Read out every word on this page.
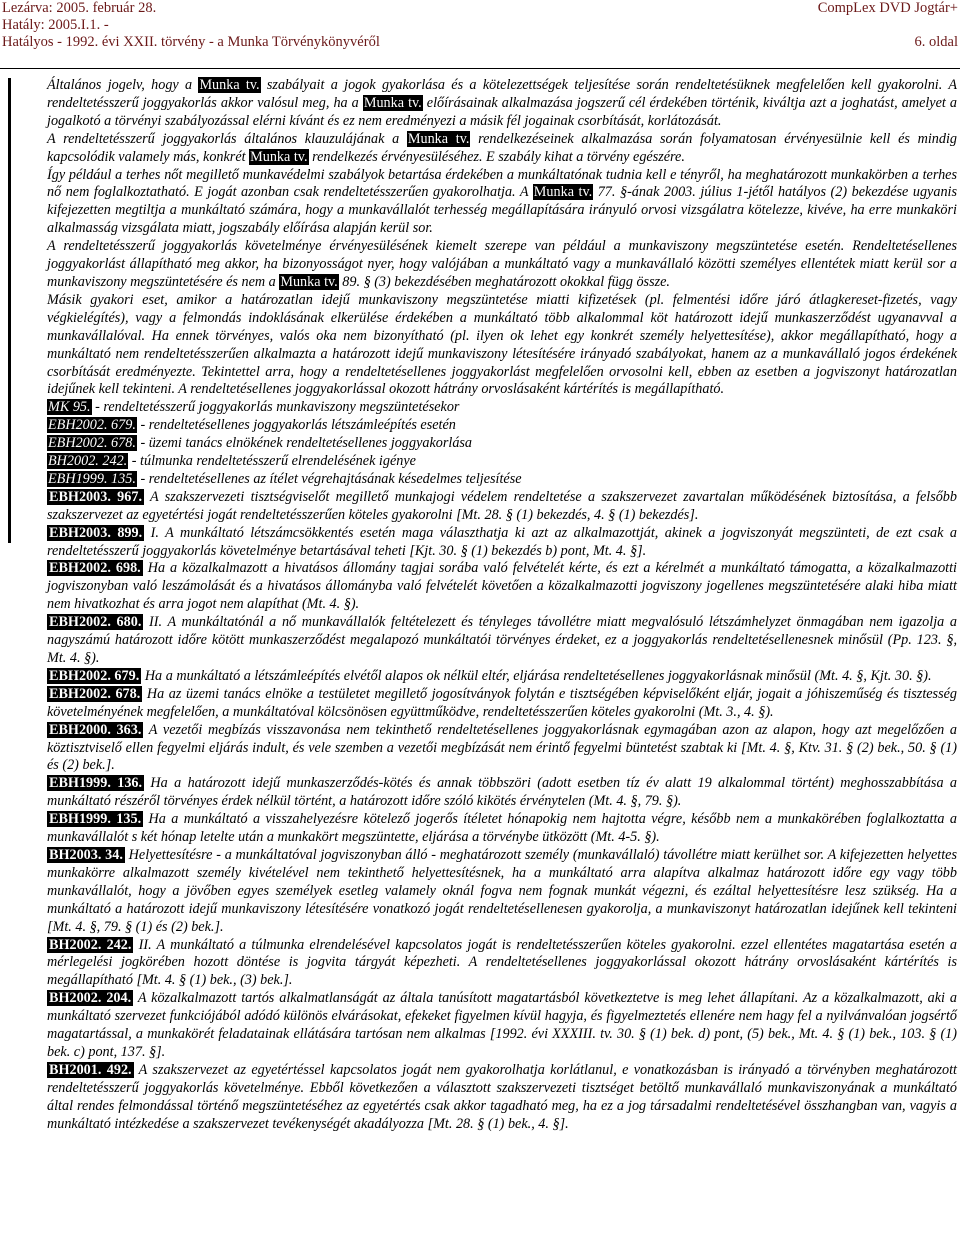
Lezárva: 2005. február 28.	CompLex DVD Jogtár+
Hatály: 2005.I.1. -
Hatályos - 1992. évi XXII. törvény - a Munka Törvénykönyvéről	6. oldal

Általános jogelv, hogy a Munka tv. szabályait a jogok gyakorlása és a kötelezettségek teljesítése során rendeltetésüknek megfelelően kell gyakorolni. A rendeltetésszerű joggyakorlás akkor valósul meg, ha a Munka tv. előírásainak alkalmazása jogszerű cél érdekében történik, kiváltja azt a joghatást, amelyet a jogalkotó a törvényi szabályozással elérni kívánt és ez nem eredményezi a másik fél jogainak csorbítását, korlátozását.

A rendeltetésszerű joggyakorlás általános klauzulájának a Munka tv. rendelkezéseinek alkalmazása során folyamatosan érvényesülnie kell és mindig kapcsolódik valamely más, konkrét Munka tv. rendelkezés érvényesüléséhez. E szabály kihat a törvény egészére.

Így például a terhes nőt megillető munkavédelmi szabályok betartása érdekében a munkáltatónak tudnia kell e tényről, ha meghatározott munkakörben a terhes nő nem foglalkoztatható. E jogát azonban csak rendeltetésszerűen gyakorolhatja. A Munka tv. 77. §-ának 2003. július 1-jétől hatályos (2) bekezdése ugyanis kifejezetten megtiltja a munkáltató számára, hogy a munkavállalót terhesség megállapítására irányuló orvosi vizsgálatra kötelezze, kivéve, ha erre munkaköri alkalmasság vizsgálata miatt, jogszabály előírása alapján kerül sor.

A rendeltetésszerű joggyakorlás követelménye érvényesülésének kiemelt szerepe van például a munkaviszony megszüntetése esetén. Rendeltetésellenes joggyakorlást állapítható meg akkor, ha bizonyosságot nyer, hogy valójában a munkáltató vagy a munkavállaló közötti személyes ellentétek miatt kerül sor a munkaviszony megszüntetésére és nem a Munka tv. 89. § (3) bekezdésében meghatározott okokkal függ össze.

Másik gyakori eset, amikor a határozatlan idejű munkaviszony megszüntetése miatti kifizetések (pl. felmentési időre járó átlagkereset-fizetés, vagy végkielégítés), vagy a felmondás indoklásának elkerülése érdekében a munkáltató több alkalommal köt határozott idejű munkaszerződést ugyanavval a munkavállalóval. Ha ennek törvényes, valós oka nem bizonyítható (pl. ilyen ok lehet egy konkrét személy helyettesítése), akkor megállapítható, hogy a munkáltató nem rendeltetésszerűen alkalmazta a határozott idejű munkaviszony létesítésére irányadó szabályokat, hanem az a munkavállaló jogos érdekének csorbítását eredményezte. Tekintettel arra, hogy a rendeltetésellenes joggyakorlást megfelelően orvosolni kell, ebben az esetben a jogviszonyt határozatlan idejűnek kell tekinteni. A rendeltetésellenes joggyakorlással okozott hátrány orvoslásaként kártérítés is megállapítható.

MK 95. - rendeltetésszerű joggyakorlás munkaviszony megszüntetésekor

EBH2002. 679. - rendeltetésellenes joggyakorlás létszámleépítés esetén

EBH2002. 678. - üzemi tanács elnökének rendeltetésellenes joggyakorlása

BH2002. 242. - túlmunka rendeltetésszerű elrendelésének igénye

EBH1999. 135. - rendeltetésellenes az ítélet végrehajtásának késedelmes teljesítése

EBH2003. 967. A szakszervezeti tisztségviselőt megillető munkajogi védelem rendeltetése a szakszervezet zavartalan működésének biztosítása, a felsőbb szakszervezet az egyetértési jogát rendeltetésszerűen köteles gyakorolni [Mt. 28. § (1) bekezdés, 4. § (1) bekezdés].

EBH2003. 899. I. A munkáltató létszámcsökkentés esetén maga választhatja ki azt az alkalmazottját, akinek a jogviszonyát megszünteti, de ezt csak a rendeltetésszerű joggyakorlás követelménye betartásával teheti [Kjt. 30. § (1) bekezdés b) pont, Mt. 4. §].

EBH2002. 698. Ha a közalkalmazott a hivatásos állomány tagjai sorába való felvételét kérte, és ezt a kérelmét a munkáltató támogatta, a közalkalmazotti jogviszonyban való leszámolását és a hivatásos állományba való felvételét követően a közalkalmazotti jogviszony jogellenes megszüntetésére alaki hiba miatt nem hivatkozhat és arra jogot nem alapíthat (Mt. 4. §).

EBH2002. 680. II. A munkáltatónál a nő munkavállalók feltételezett és tényleges távollétre miatt megvalósuló létszámhelyzet önmagában nem igazolja a nagyszámú határozott időre kötött munkaszerződést megalapozó munkáltatói törvényes érdeket, ez a joggyakorlás rendeltetésellenesnek minősül (Pp. 123. §, Mt. 4. §).

EBH2002. 679. Ha a munkáltató a létszámleépítés elvétől alapos ok nélkül eltér, eljárása rendeltetésellenes joggyakorlásnak minősül (Mt. 4. §, Kjt. 30. §).

EBH2002. 678. Ha az üzemi tanács elnöke a testületet megillető jogosítványok folytán e tisztségében képviselőként eljár, jogait a jóhiszeműség és tisztesség követelményének megfelelően, a munkáltatóval kölcsönösen együttműködve, rendeltetésszerűen köteles gyakorolni (Mt. 3., 4. §).

EBH2000. 363. A vezetői megbízás visszavonása nem tekinthető rendeltetésellenes joggyakorlásnak egymagában azon az alapon, hogy azt megelőzően a köztisztviselő ellen fegyelmi eljárás indult, és vele szemben a vezetői megbízását nem érintő fegyelmi büntetést szabtak ki [Mt. 4. §, Ktv. 31. § (2) bek., 50. § (1) és (2) bek.].

EBH1999. 136. Ha a határozott idejű munkaszerződés-kötés és annak többszöri (adott esetben tíz év alatt 19 alkalommal történt) meghosszabbítása a munkáltató részéről törvényes érdek nélkül történt, a határozott időre szóló kikötés érvénytelen (Mt. 4. §, 79. §).

EBH1999. 135. Ha a munkáltató a visszahelyezésre kötelező jogerős ítéletet hónapokig nem hajtotta végre, később nem a munkakörében foglalkoztatta a munkavállalót s két hónap letelte után a munkakört megszüntette, eljárása a törvénybe ütközött (Mt. 4-5. §).

BH2003. 34. Helyettesítésre - a munkáltatóval jogviszonyban álló - meghatározott személy (munkavállaló) távollétre miatt kerülhet sor. A kifejezetten helyettes munkakörre alkalmazott személy kivételével nem tekinthető helyettesítésnek, ha a munkáltató arra alapítva alkalmaz határozott időre egy vagy több munkavállalót, hogy a jövőben egyes személyek esetleg valamely oknál fogva nem fognak munkát végezni, és ezáltal helyettesítésre lesz szükség. Ha a munkáltató a határozott idejű munkaviszony létesítésére vonatkozó jogát rendeltetésellenesen gyakorolja, a munkaviszonyt határozatlan idejűnek kell tekinteni [Mt. 4. §, 79. § (1) és (2) bek.].

BH2002. 242. II. A munkáltató a túlmunka elrendelésével kapcsolatos jogát is rendeltetésszerűen köteles gyakorolni. ezzel ellentétes magatartása esetén a mérlegelési jogkörében hozott döntése is jogvita tárgyát képezheti. A rendeltetésellenes joggyakorlással okozott hátrány orvoslásaként kártérítés is megállapítható [Mt. 4. § (1) bek., (3) bek.].

BH2002. 204. A közalkalmazott tartós alkalmatlanságát az általa tanúsított magatartásból következtetve is meg lehet állapítani. Az a közalkalmazott, aki a munkáltató szervezet funkciójából adódó különös elvárásokat, efekeket figyelmen kívül hagyja, és figyelmeztetés ellenére nem hagy fel a nyilvánvalóan jogsértő magatartással, a munkakörét feladatainak ellátására tartósan nem alkalmas [1992. évi XXXIII. tv. 30. § (1) bek. d) pont, (5) bek., Mt. 4. § (1) bek., 103. § (1) bek. c) pont, 137. §].

BH2001. 492. A szakszervezet az egyetértéssel kapcsolatos jogát nem gyakorolhatja korlátlanul, e vonatkozásban is irányadó a törvényben meghatározott rendeltetésszerű joggyakorlás követelménye. Ebből következően a választott szakszervezeti tisztséget betöltő munkavállaló munkaviszonyának a munkáltató által rendes felmondással történő megszüntetéséhez az egyetértés csak akkor tagadható meg, ha ez a jog társadalmi rendeltetésével összhangban van, vagyis a munkáltató intézkedése a szakszervezet tevékenységét akadályozza [Mt. 28. § (1) bek., 4. §].
